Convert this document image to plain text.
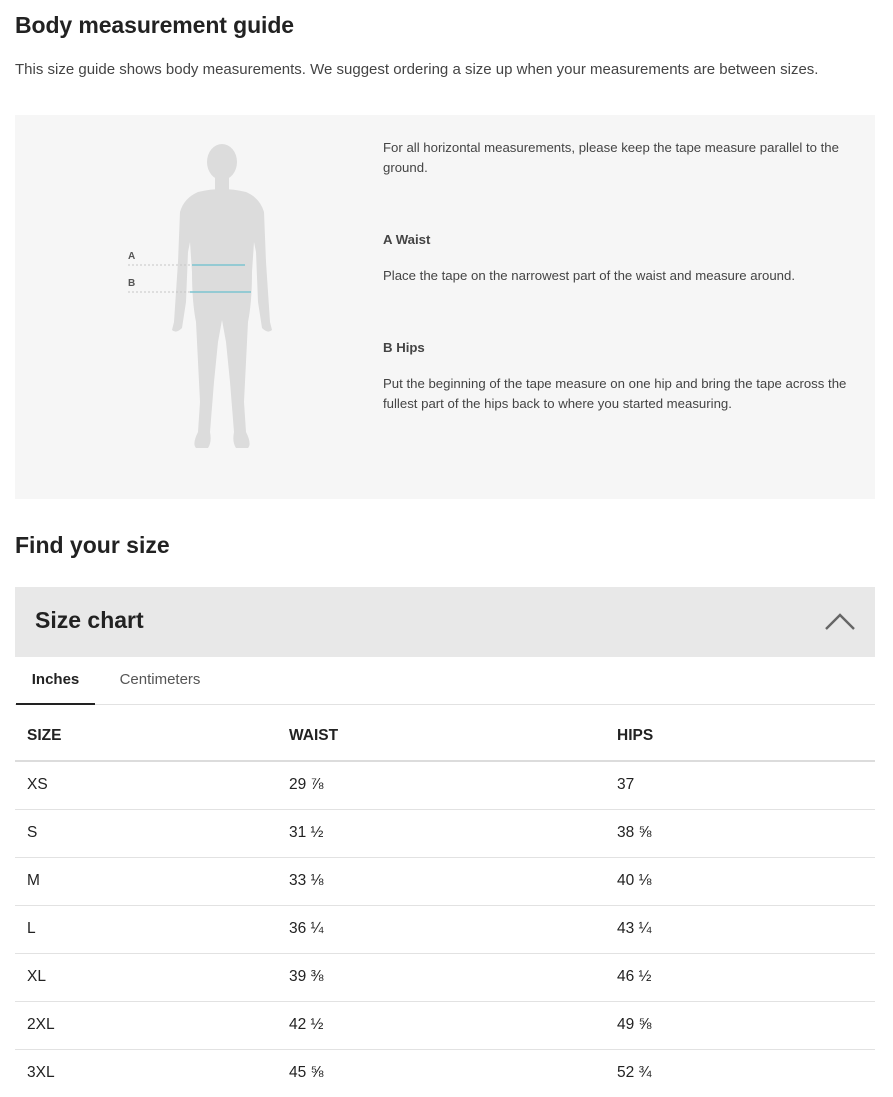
Body measurement guide

This size guide shows body measurements. We suggest ordering a size up when your measurements are between sizes.

A
B

For all horizontal measurements, please keep the tape measure parallel to the ground.

A Waist

Place the tape on the narrowest part of the waist and measure around.

B Hips

Put the beginning of the tape measure on one hip and bring the tape across the fullest part of the hips back to where you started measuring.

Find your size
Size chart
Inches	Centimeters
SIZE	WAIST	HIPS
XS	29 ⅞	37
S	31 ½	38 ⅝
M	33 ⅛	40 ⅛
L	36 ¼	43 ¼
XL	39 ⅜	46 ½
2XL	42 ½	49 ⅝
3XL	45 ⅝	52 ¾
